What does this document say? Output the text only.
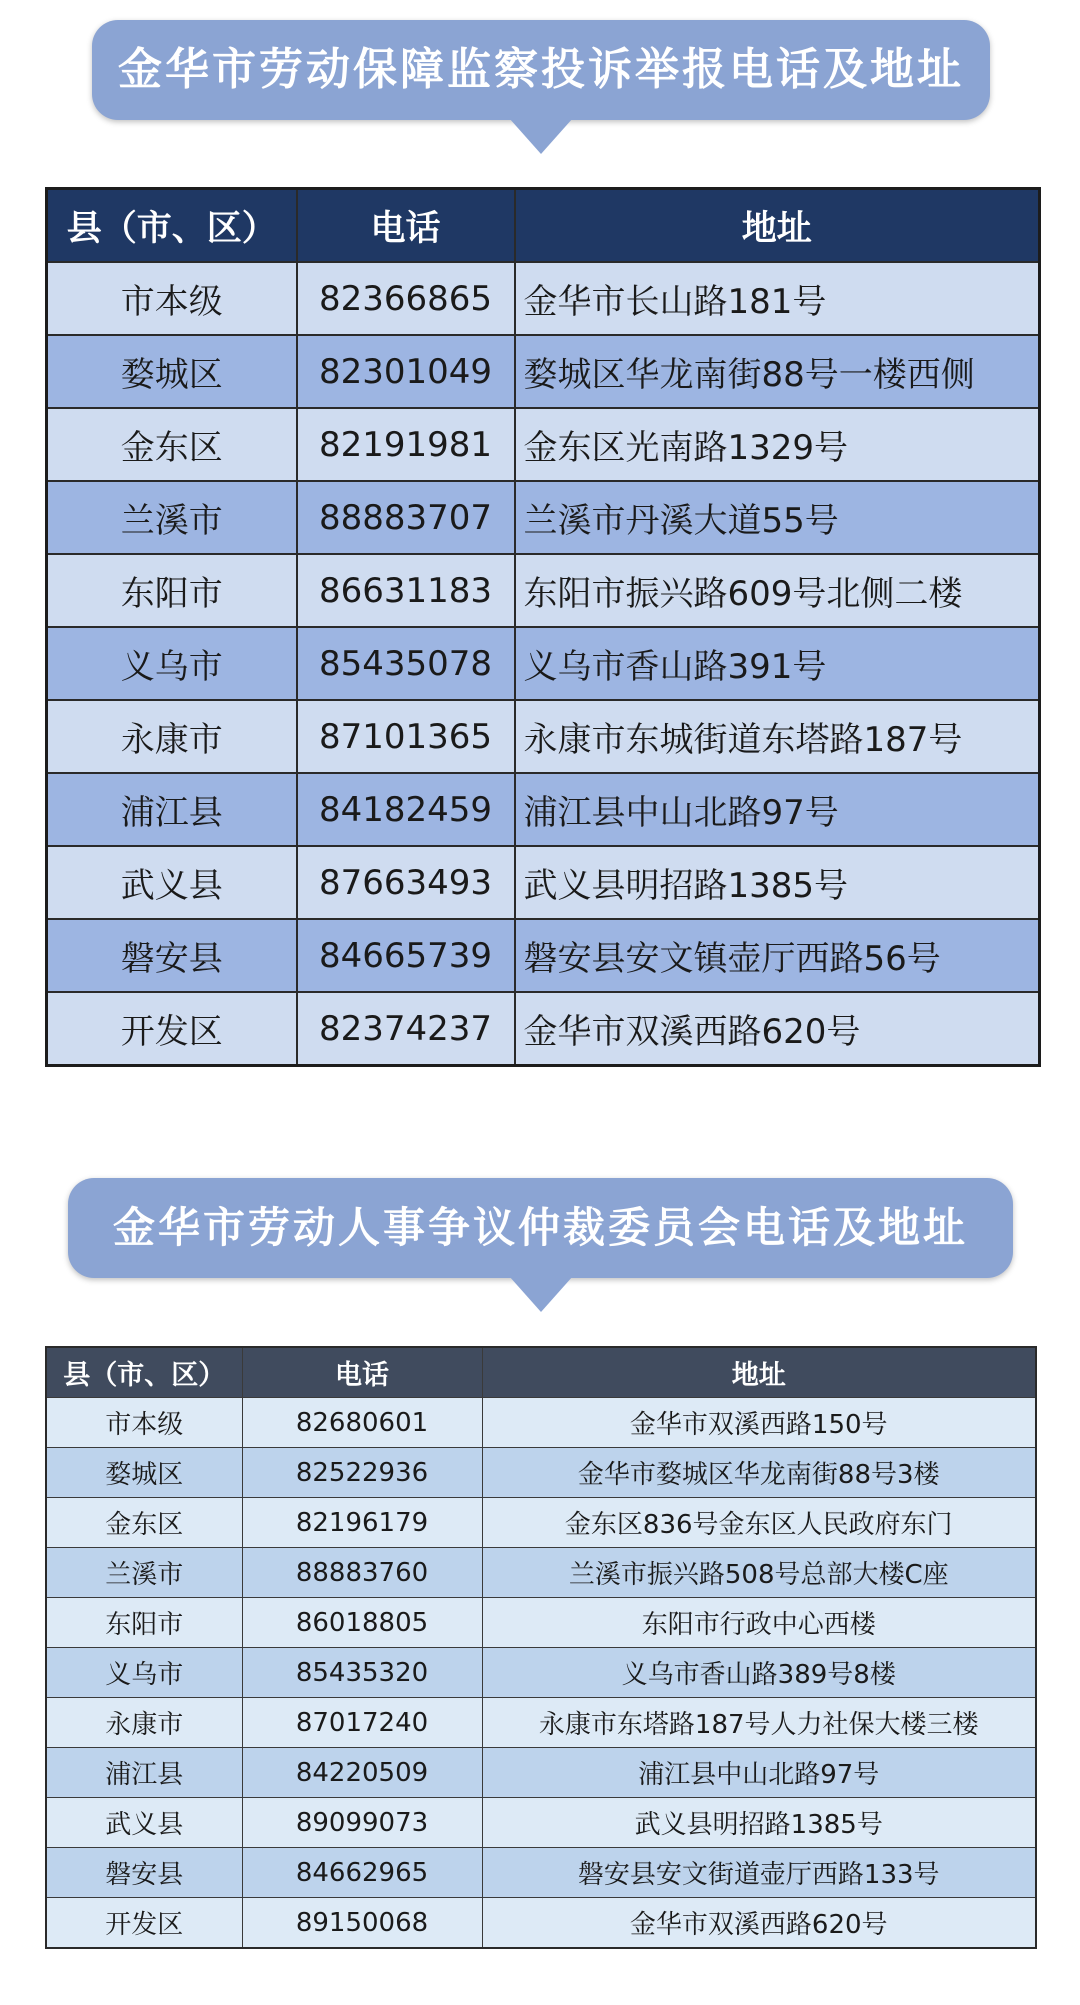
金华市劳动保障监察投诉举报电话及地址
县（市、区）	电话	地址
市本级	82366865	金华市长山路181号
婺城区	82301049	婺城区华龙南街88号一楼西侧
金东区	82191981	金东区光南路1329号
兰溪市	88883707	兰溪市丹溪大道55号
东阳市	86631183	东阳市振兴路609号北侧二楼
义乌市	85435078	义乌市香山路391号
永康市	87101365	永康市东城街道东塔路187号
浦江县	84182459	浦江县中山北路97号
武义县	87663493	武义县明招路1385号
磐安县	84665739	磐安县安文镇壶厅西路56号
开发区	82374237	金华市双溪西路620号
金华市劳动人事争议仲裁委员会电话及地址
县（市、区）	电话	地址
市本级	82680601	金华市双溪西路150号
婺城区	82522936	金华市婺城区华龙南街88号3楼
金东区	82196179	金东区836号金东区人民政府东门
兰溪市	88883760	兰溪市振兴路508号总部大楼C座
东阳市	86018805	东阳市行政中心西楼
义乌市	85435320	义乌市香山路389号8楼
永康市	87017240	永康市东塔路187号人力社保大楼三楼
浦江县	84220509	浦江县中山北路97号
武义县	89099073	武义县明招路1385号
磐安县	84662965	磐安县安文街道壶厅西路133号
开发区	89150068	金华市双溪西路620号
腔友
